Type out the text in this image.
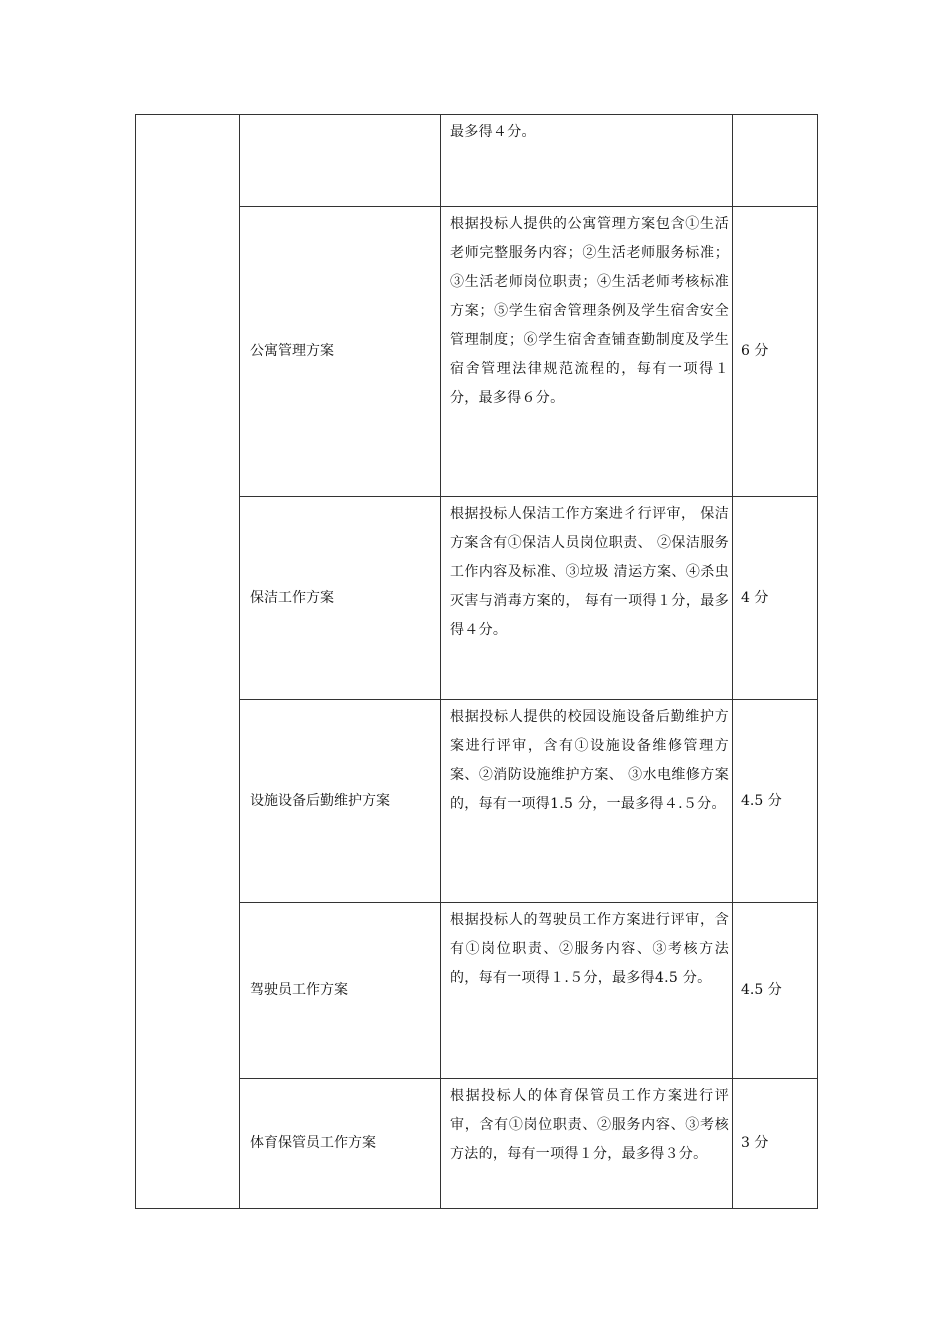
		最多得４分。	

	公寓管理方案	根据投标人提供的公寓管理方案包含①生活老师完整服务内容；②生活老师服务标准；③生活老师岗位职责；④生活老师考核标准方案；⑤学生宿舍管理条例及学生宿舍安全管理制度；⑥学生宿舍查铺查勤制度及学生宿舍管理法律规范流程的，每有一项得１ 分，最多得６分。	6 分
	保洁工作方案	根据投标人保洁工作方案进彳行评审， 保洁方案含有①保洁人员岗位职责、 ②保洁服务工作内容及标准、③垃圾 清运方案、④杀虫灭害与消毒方案的， 每有一项得１分，最多得４分。	4 分
	设施设备后勤维护方案	根据投标人提供的校园设施设备后勤维护方案进行评审，含有①设施设备维修管理方案、②消防设施维护方案、 ③水电维修方案的，每有一项得1.5 分，一最多得４.５分。	4.5 分
	驾驶员工作方案	根据投标人的驾驶员工作方案进行评审，含有①岗位职责、②服务内容、③考核方法的，每有一项得１.５分，最多得4.5 分。	4.5 分
	体育保管员工作方案	根据投标人的体育保管员工作方案进行评审，含有①岗位职责、②服务内容、③考核方法的，每有一项得１分，最多得３分。	3 分
